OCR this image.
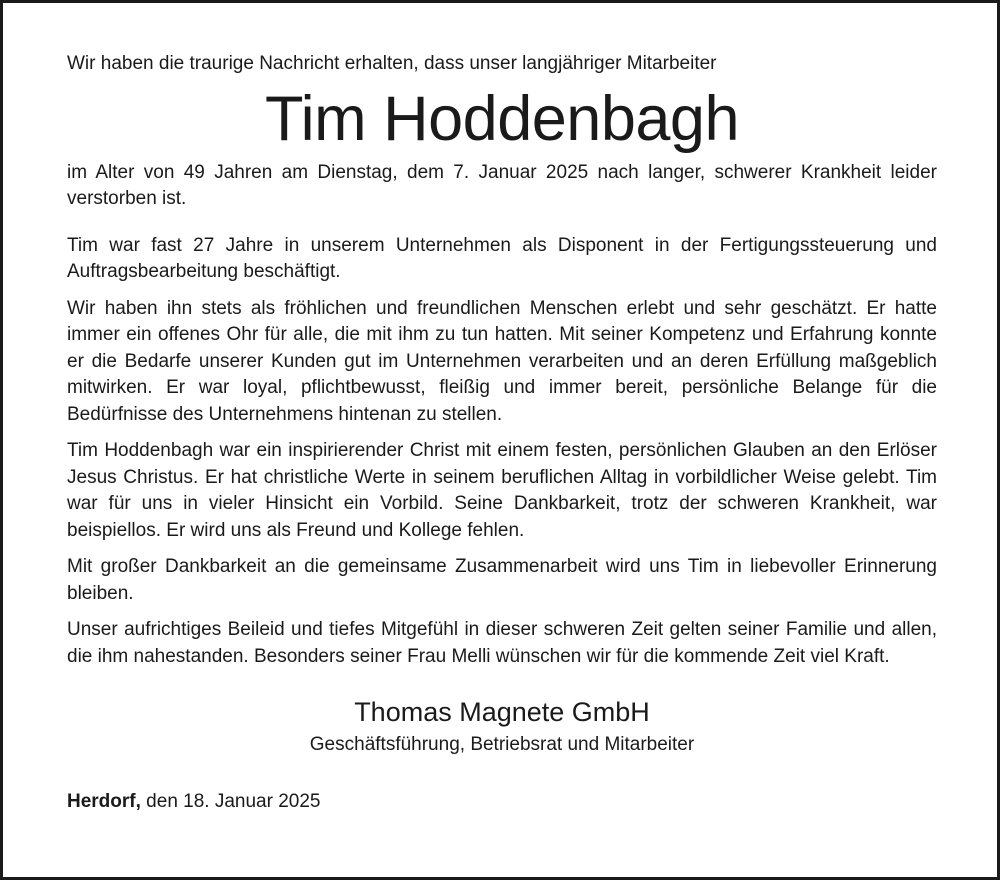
Wir haben die traurige Nachricht erhalten, dass unser langjähriger Mitarbeiter

Tim Hoddenbagh

im Alter von 49 Jahren am Dienstag, dem 7. Januar 2025 nach langer, schwerer Krankheit leider verstorben ist.

Tim war fast 27 Jahre in unserem Unternehmen als Disponent in der Fertigungssteuerung und Auftragsbearbeitung beschäftigt.

Wir haben ihn stets als fröhlichen und freundlichen Menschen erlebt und sehr geschätzt. Er hatte immer ein offenes Ohr für alle, die mit ihm zu tun hatten. Mit seiner Kompetenz und Erfahrung konnte er die Bedarfe unserer Kunden gut im Unternehmen verarbeiten und an deren Erfüllung maßgeblich mitwirken. Er war loyal, pflichtbewusst, fleißig und immer bereit, persönliche Belange für die Bedürfnisse des Unternehmens hintenan zu stellen.

Tim Hoddenbagh war ein inspirierender Christ mit einem festen, persönlichen Glauben an den Erlöser Jesus Christus. Er hat christliche Werte in seinem beruflichen Alltag in vorbildlicher Weise gelebt. Tim war für uns in vieler Hinsicht ein Vorbild. Seine Dankbarkeit, trotz der schweren Krankheit, war beispiellos. Er wird uns als Freund und Kollege fehlen.

Mit großer Dankbarkeit an die gemeinsame Zusammenarbeit wird uns Tim in liebevoller Erinnerung bleiben.

Unser aufrichtiges Beileid und tiefes Mitgefühl in dieser schweren Zeit gelten seiner Familie und allen, die ihm nahestanden. Besonders seiner Frau Melli wünschen wir für die kommende Zeit viel Kraft.

Thomas Magnete GmbH
Geschäftsführung, Betriebsrat und Mitarbeiter

Herdorf, den 18. Januar 2025
